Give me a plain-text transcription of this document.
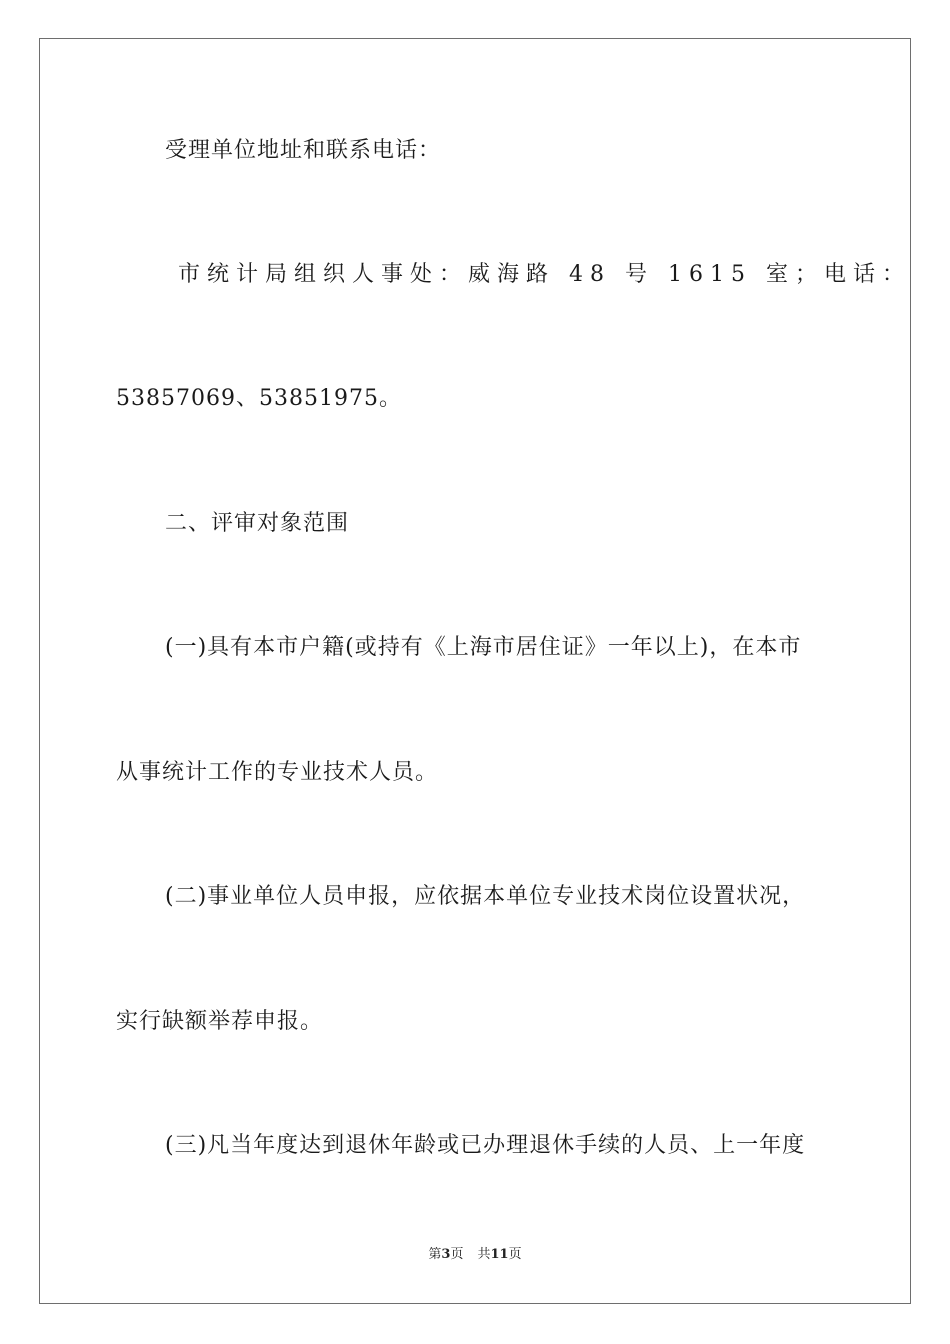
受理单位地址和联系电话：
市统计局组织人事处：威海路 48 号 1615 室；电话：
53857069、53851975。
二、评审对象范围
(一)具有本市户籍(或持有《上海市居住证》一年以上)，在本市
从事统计工作的专业技术人员。
(二)事业单位人员申报，应依据本单位专业技术岗位设置状况，
实行缺额举荐申报。
(三)凡当年度达到退休年龄或已办理退休手续的人员、上一年度
第3页 共11页
